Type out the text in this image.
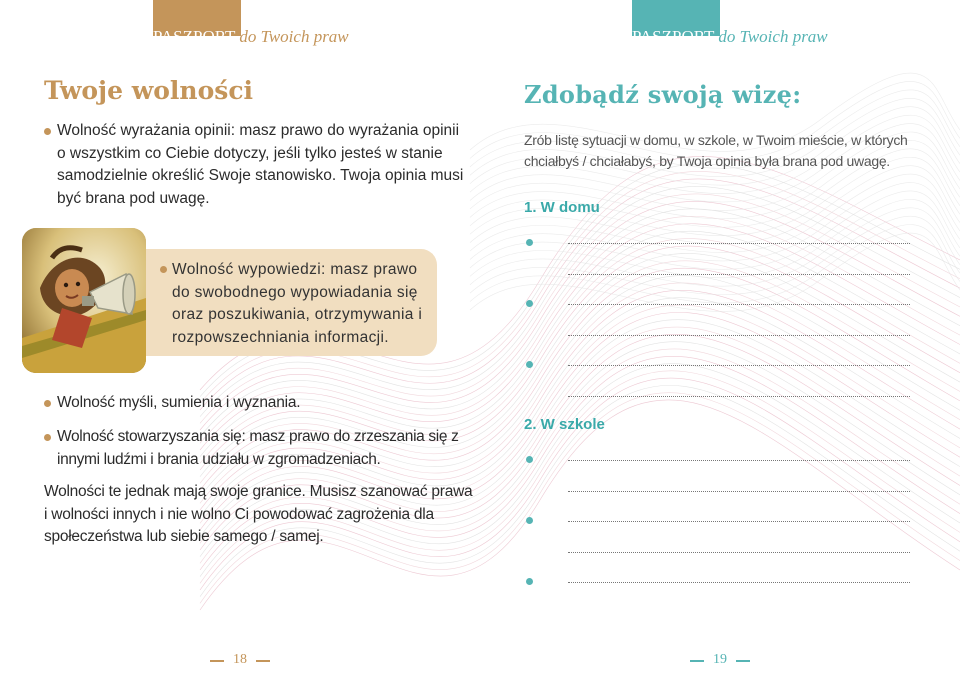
PASZPORT do Twoich praw
Twoje wolności
Wolność wyrażania opinii: masz prawo do wyrażania opinii
o wszystkim co Ciebie dotyczy, jeśli tylko jesteś w stanie
samodzielnie określić Swoje stanowisko. Twoja opinia musi
być brana pod uwagę.
Wolność wypowiedzi: masz prawo
do swobodnego wypowiadania się
oraz poszukiwania, otrzymywania i
rozpowszechniania informacji.
Wolność myśli, sumienia i wyznania.
Wolność stowarzyszania się: masz prawo do zrzeszania się z
innymi ludźmi i brania udziału w zgromadzeniach.
Wolności te jednak mają swoje granice. Musisz szanować prawa
i wolności innych i nie wolno Ci powodować zagrożenia dla
społeczeństwa lub siebie samego / samej.
18
PASZPORT do Twoich praw
Zdobądź swoją wizę:
Zrób listę sytuacji w domu, w szkole, w Twoim mieście, w których
chciałbyś / chciałabyś, by Twoja opinia była brana pod uwagę.
1. W domu
2. W szkole
19
